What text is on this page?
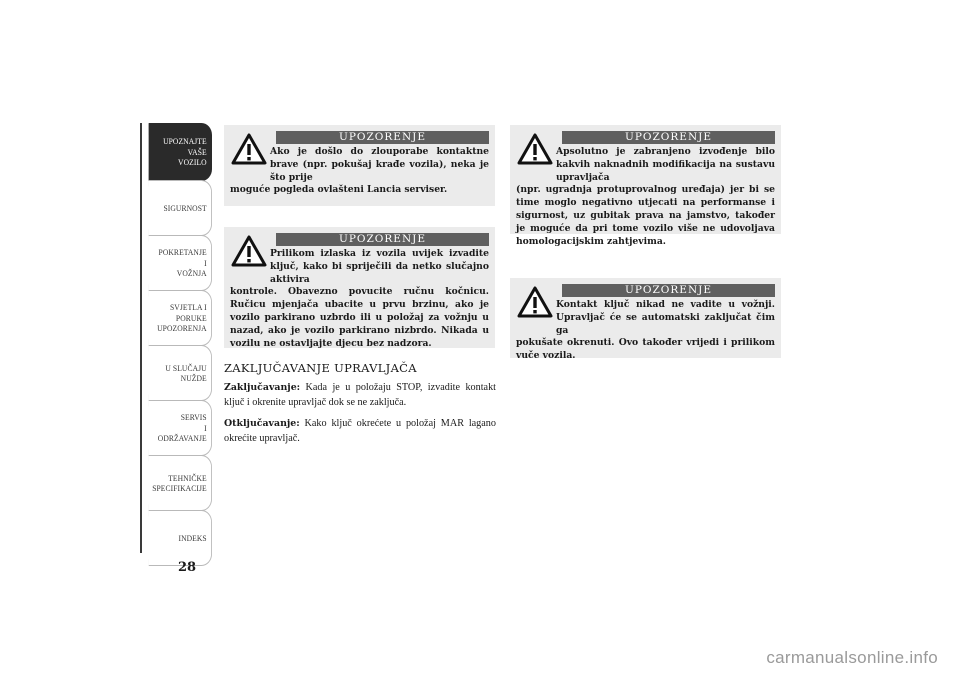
UPOZNAJTE
VAŠE
VOZILO
SIGURNOST
POKRETANJE
I
VOŽNJA
SVJETLA I
PORUKE
UPOZORENJA
U SLUČAJU
NUŽDE
SERVIS
I
ODRŽAVANJE
TEHNIČKE
SPECIFIKACIJE
INDEKS
28
UPOZORENJE
Ako je došlo do zlouporabe kontaktne brave (npr. pokušaj krađe vozila), neka je što prije
moguće pogleda ovlašteni Lancia serviser.
UPOZORENJE
Prilikom izlaska iz vozila uvijek izvadite ključ, kako bi spriječili da netko slučajno aktivira
kontrole. Obavezno povucite ručnu kočnicu. Ručicu mjenjača ubacite u prvu brzinu, ako je vozilo parkirano uzbrdo ili u položaj za vožnju u nazad, ako je vozilo parkirano nizbrdo. Nikada u vozilu ne ostavljajte djecu bez nadzora.
ZAKLJUČAVANJE UPRAVLJAČA
Zaključavanje: Kada je u položaju STOP, izvadite kontakt ključ i okrenite upravljač dok se ne zaključa.
Otključavanje: Kako ključ okrećete u položaj MAR lagano okrećite upravljač.
UPOZORENJE
Apsolutno je zabranjeno izvođenje bilo kakvih naknadnih modifikacija na sustavu upravljača
(npr. ugradnja protuprovalnog uređaja) jer bi se time moglo negativno utjecati na performanse i sigurnost, uz gubitak prava na jamstvo, također je moguće da pri tome vozilo više ne udovoljava homologacijskim zahtjevima.
UPOZORENJE
Kontakt ključ nikad ne vadite u vožnji. Upravljač će se automatski zaključat čim ga
pokušate okrenuti. Ovo također vrijedi i prilikom vuče vozila.
carmanualsonline.info
